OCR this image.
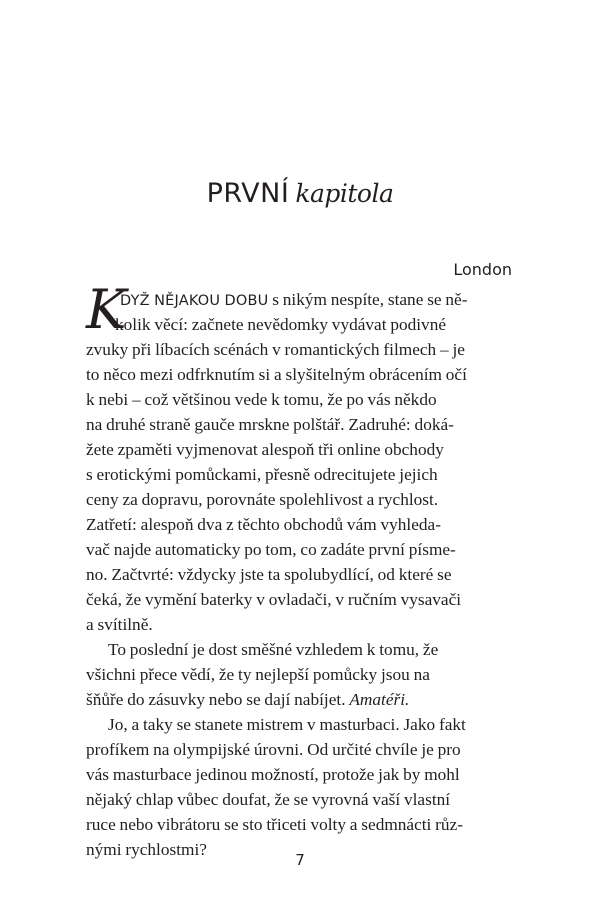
PRVNÍ kapitola
London
K
DYŽ NĚJAKOU DOBU s nikým nespíte, stane se ně-
kolik věcí: začnete nevědomky vydávat podivné
zvuky při líbacích scénách v romantických filmech – je
to něco mezi odfrknutím si a slyšitelným obrácením očí
k nebi – což většinou vede k tomu, že po vás někdo
na druhé straně gauče mrskne polštář. Zadruhé: doká-
žete zpaměti vyjmenovat alespoň tři online obchody
s erotickými pomůckami, přesně odrecitujete jejich
ceny za dopravu, porovnáte spolehlivost a rychlost.
Zatřetí: alespoň dva z těchto obchodů vám vyhleda-
vač najde automaticky po tom, co zadáte první písme-
no. Začtvrté: vždycky jste ta spolubydlící, od které se
čeká, že vymění baterky v ovladači, v ručním vysavači
a svítilně.
To poslední je dost směšné vzhledem k tomu, že
všichni přece vědí, že ty nejlepší pomůcky jsou na
šňůře do zásuvky nebo se dají nabíjet. Amatéři.
Jo, a taky se stanete mistrem v masturbaci. Jako fakt
profíkem na olympijské úrovni. Od určité chvíle je pro
vás masturbace jedinou možností, protože jak by mohl
nějaký chlap vůbec doufat, že se vyrovná vaší vlastní
ruce nebo vibrátoru se sto třiceti volty a sedmnácti růz-
nými rychlostmi?
7
